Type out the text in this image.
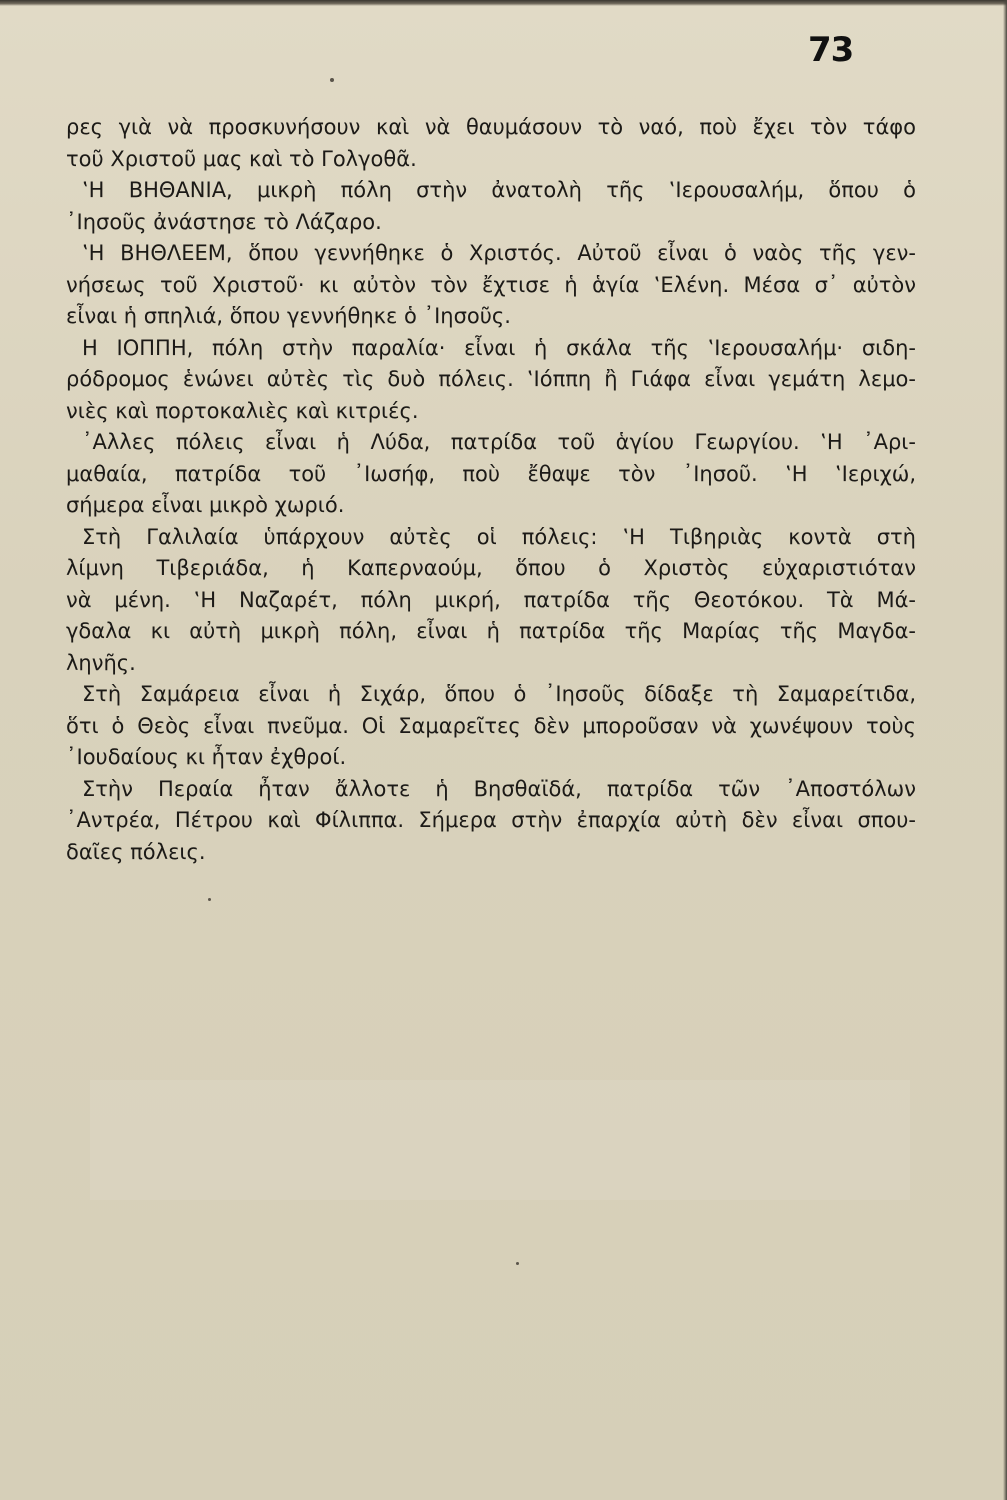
73
ρες γιὰ νὰ προσκυνήσουν καὶ νὰ θαυμάσουν τὸ ναό, ποὺ ἔχει τὸν τάφο
τοῦ Χριστοῦ μας καὶ τὸ Γολγοθᾶ.
‛Η ΒΗΘΑΝΙΑ, μικρὴ πόλη στὴν ἀνατολὴ τῆς ‛Ιερουσαλήμ, ὅπου ὁ
᾿Ιησοῦς ἀνάστησε τὸ Λάζαρο.
‛Η ΒΗΘΛΕΕΜ, ὅπου γεννήθηκε ὁ Χριστός. Αὐτοῦ εἶναι ὁ ναὸς τῆς γεν-
νήσεως τοῦ Χριστοῦ· κι αὐτὸν τὸν ἔχτισε ἡ ἁγία ‛Ελένη. Μέσα σ᾿ αὐτὸν
εἶναι ἡ σπηλιά, ὅπου γεννήθηκε ὁ ᾿Ιησοῦς.
Η ΙΟΠΠΗ, πόλη στὴν παραλία· εἶναι ἡ σκάλα τῆς ‛Ιερουσαλήμ· σιδη-
ρόδρομος ἑνώνει αὐτὲς τὶς δυὸ πόλεις. ‛Ιόππη ἢ Γιάφα εἶναι γεμάτη λεμο-
νιὲς καὶ πορτοκαλιὲς καὶ κιτριές.
᾿Αλλες πόλεις εἶναι ἡ Λύδα, πατρίδα τοῦ ἁγίου Γεωργίου. ‛Η ᾿Αρι-
μαθαία, πατρίδα τοῦ ᾿Ιωσήφ, ποὺ ἔθαψε τὸν ᾿Ιησοῦ. ‛Η ‛Ιεριχώ,
σήμερα εἶναι μικρὸ χωριό.
Στὴ Γαλιλαία ὑπάρχουν αὐτὲς οἱ πόλεις: ‛Η Τιβηριὰς κοντὰ στὴ
λίμνη Τιβεριάδα, ἡ Καπερναούμ, ὅπου ὁ Χριστὸς εὐχαριστιόταν
νὰ μένη. ‛Η Ναζαρέτ, πόλη μικρή, πατρίδα τῆς Θεοτόκου. Τὰ Μά-
γδαλα κι αὐτὴ μικρὴ πόλη, εἶναι ἡ πατρίδα τῆς Μαρίας τῆς Μαγδα-
ληνῆς.
Στὴ Σαμάρεια εἶναι ἡ Σιχάρ, ὅπου ὁ ᾿Ιησοῦς δίδαξε τὴ Σαμαρείτιδα,
ὅτι ὁ Θεὸς εἶναι πνεῦμα. Οἱ Σαμαρεῖτες δὲν μποροῦσαν νὰ χωνέψουν τοὺς
᾿Ιουδαίους κι ἦταν ἐχθροί.
Στὴν Περαία ἦταν ἄλλοτε ἡ Βησθαϊδά, πατρίδα τῶν ᾿Αποστόλων
᾿Αντρέα, Πέτρου καὶ Φίλιππα. Σήμερα στὴν ἐπαρχία αὐτὴ δὲν εἶναι σπου-
δαῖες πόλεις.
